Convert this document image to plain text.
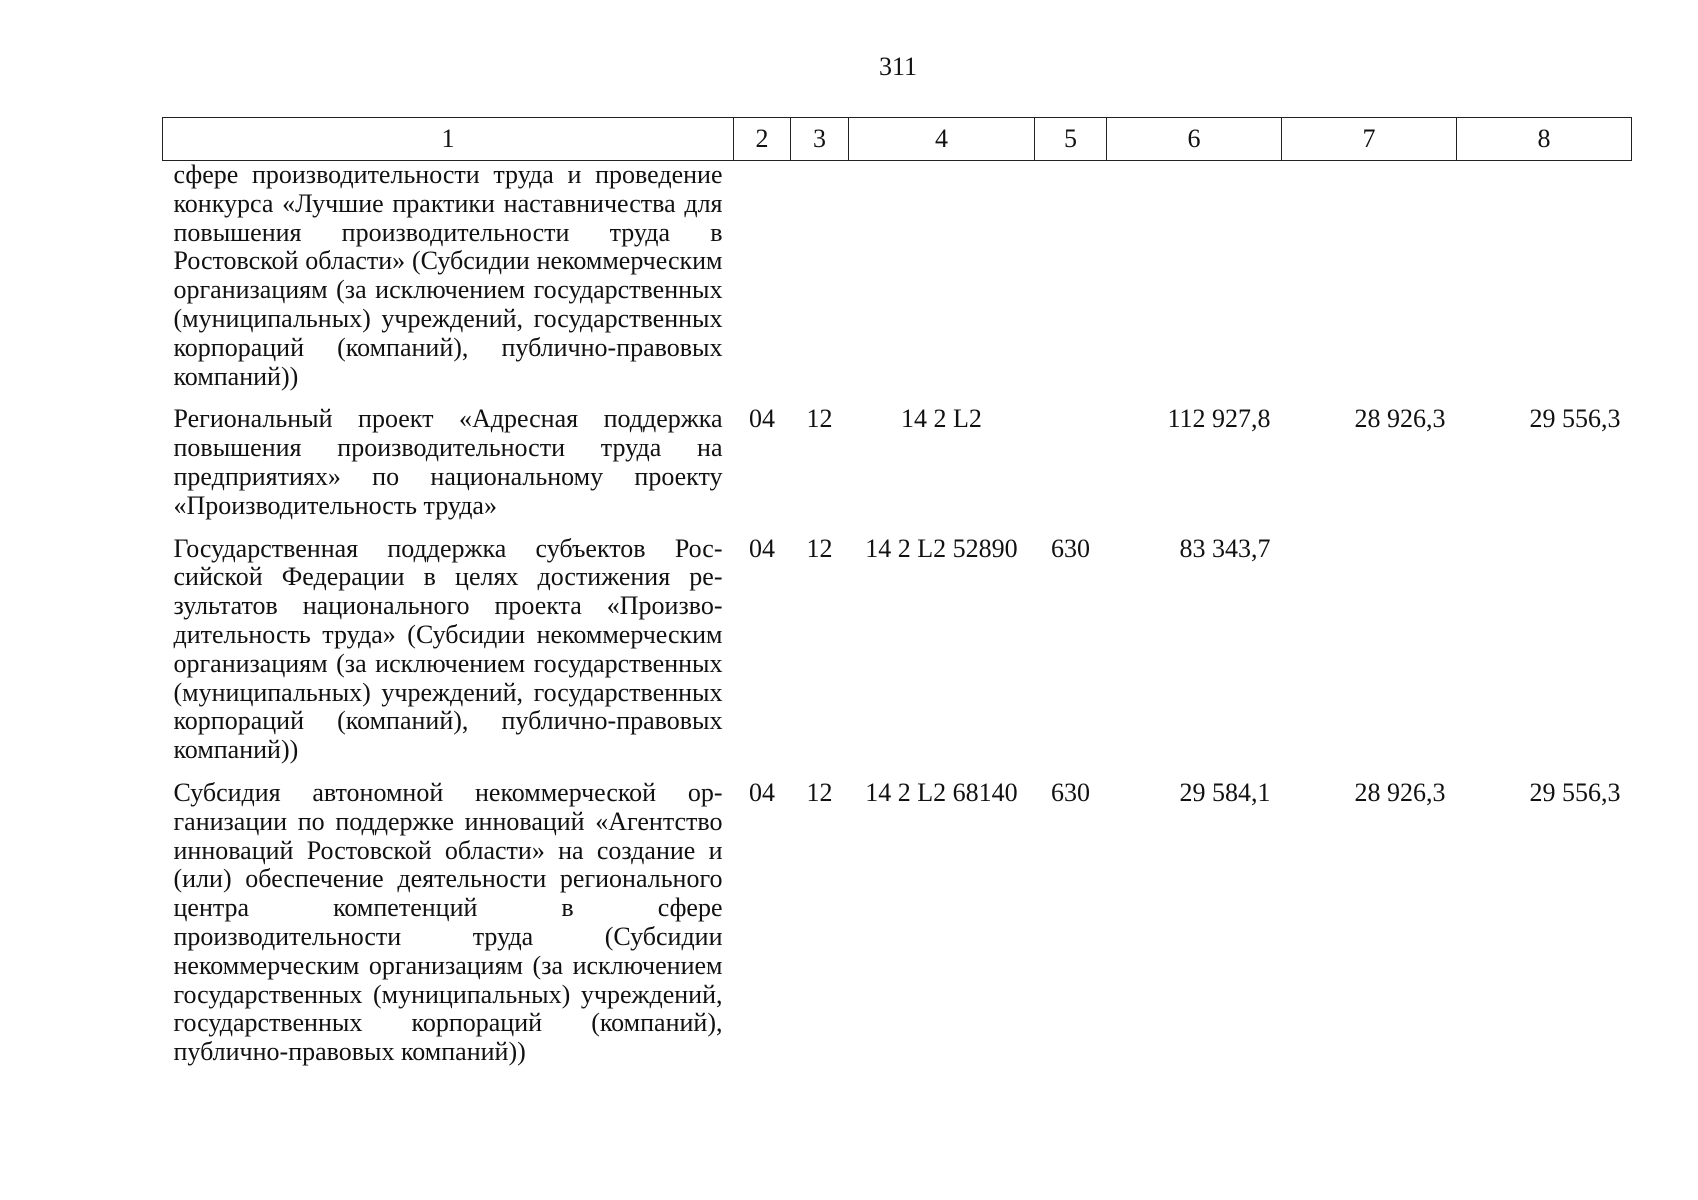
311
1	2	3	4	5	6	7	8
сфере производительности труда и проведение конкурса «Лучшие практики наставничества для повышения производительности труда в Ростовской области» (Субсидии некоммерческим организациям (за исключением государственных (муниципальных) учреждений, государственных корпораций (компаний), публично-правовых компаний))							
Региональный проект «Адресная поддержка повышения производительности труда на предприятиях» по национальному проекту «Производительность труда»	04	12	14 2 L2		112 927,8	28 926,3	29 556,3
Государственная поддержка субъектов Российской Федерации в целях достижения результатов национального проекта «Производительность труда» (Субсидии некоммерческим организациям (за исключением государственных (муниципальных) учреждений, государственных корпораций (компаний), публично-правовых компаний))	04	12	14 2 L2 52890	630	83 343,7		
Субсидия автономной некоммерческой организации по поддержке инноваций «Агентство инноваций Ростовской области» на создание и (или) обеспечение деятельности регионального центра компетенций в сфере производительности труда (Субсидии некоммерческим организациям (за исключением государственных (муниципальных) учреждений, государственных корпораций (компаний), публично-правовых компаний))	04	12	14 2 L2 68140	630	29 584,1	28 926,3	29 556,3
